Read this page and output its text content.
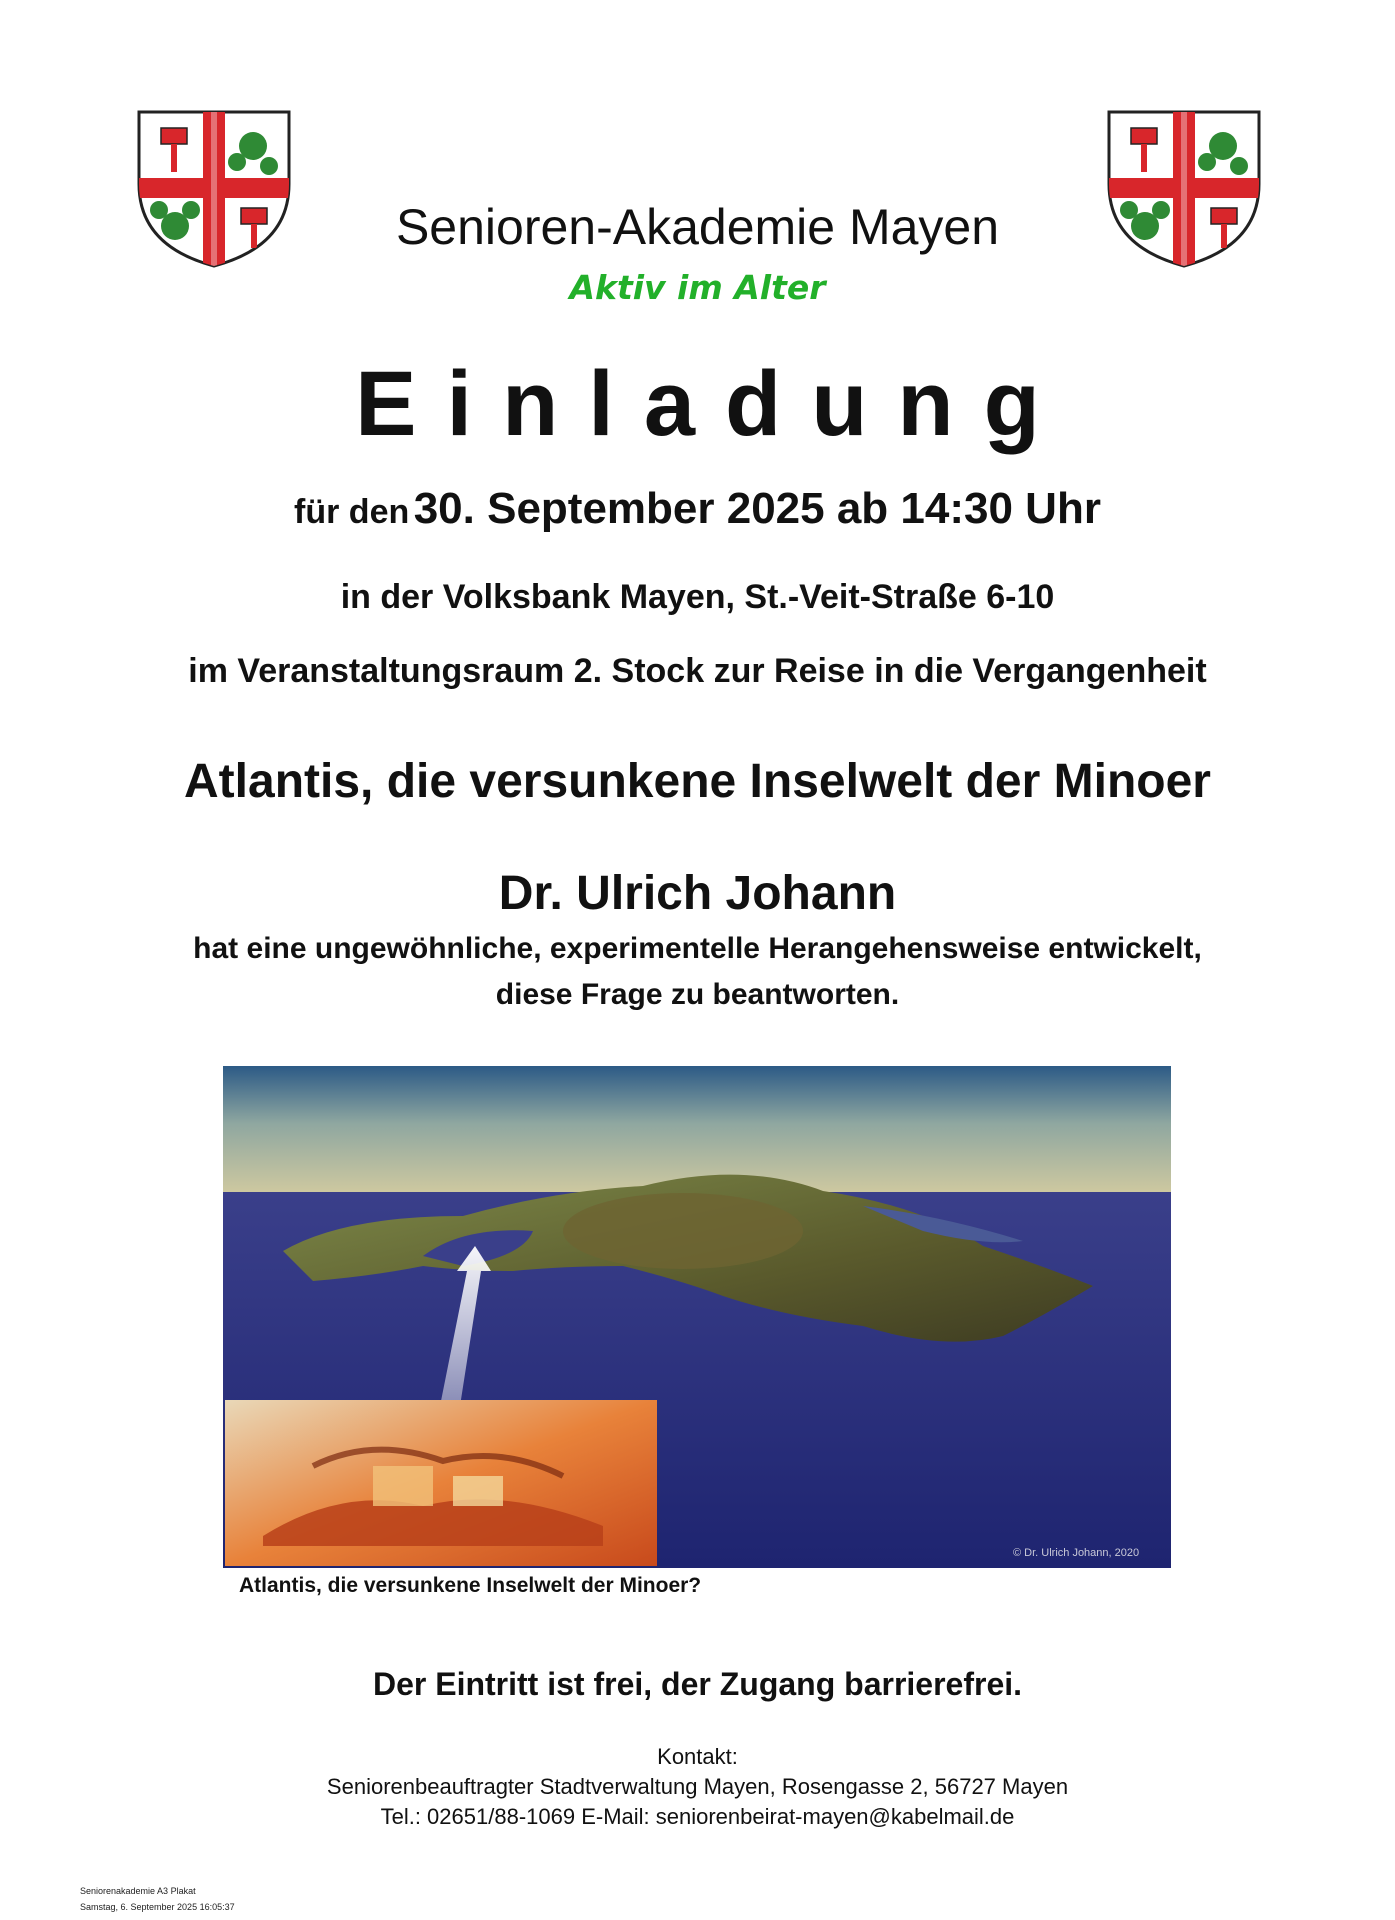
Senioren-Akademie Mayen
Aktiv im Alter
Einladung
für den 30. September 2025 ab 14:30 Uhr
in der Volksbank Mayen, St.-Veit-Straße 6-10
im Veranstaltungsraum 2. Stock zur Reise in die Vergangenheit
Atlantis, die versunkene Inselwelt der Minoer
Dr. Ulrich Johann
hat eine ungewöhnliche, experimentelle Herangehensweise entwickelt,
diese Frage zu beantworten.
© Dr. Ulrich Johann, 2020
Atlantis, die versunkene Inselwelt der Minoer?
Der Eintritt ist frei, der Zugang barrierefrei.
Kontakt:
Seniorenbeauftragter Stadtverwaltung Mayen, Rosengasse 2, 56727 Mayen
Tel.: 02651/88-1069 E-Mail: seniorenbeirat-mayen@kabelmail.de
Seniorenakademie A3 Plakat
Samstag, 6. September 2025 16:05:37
